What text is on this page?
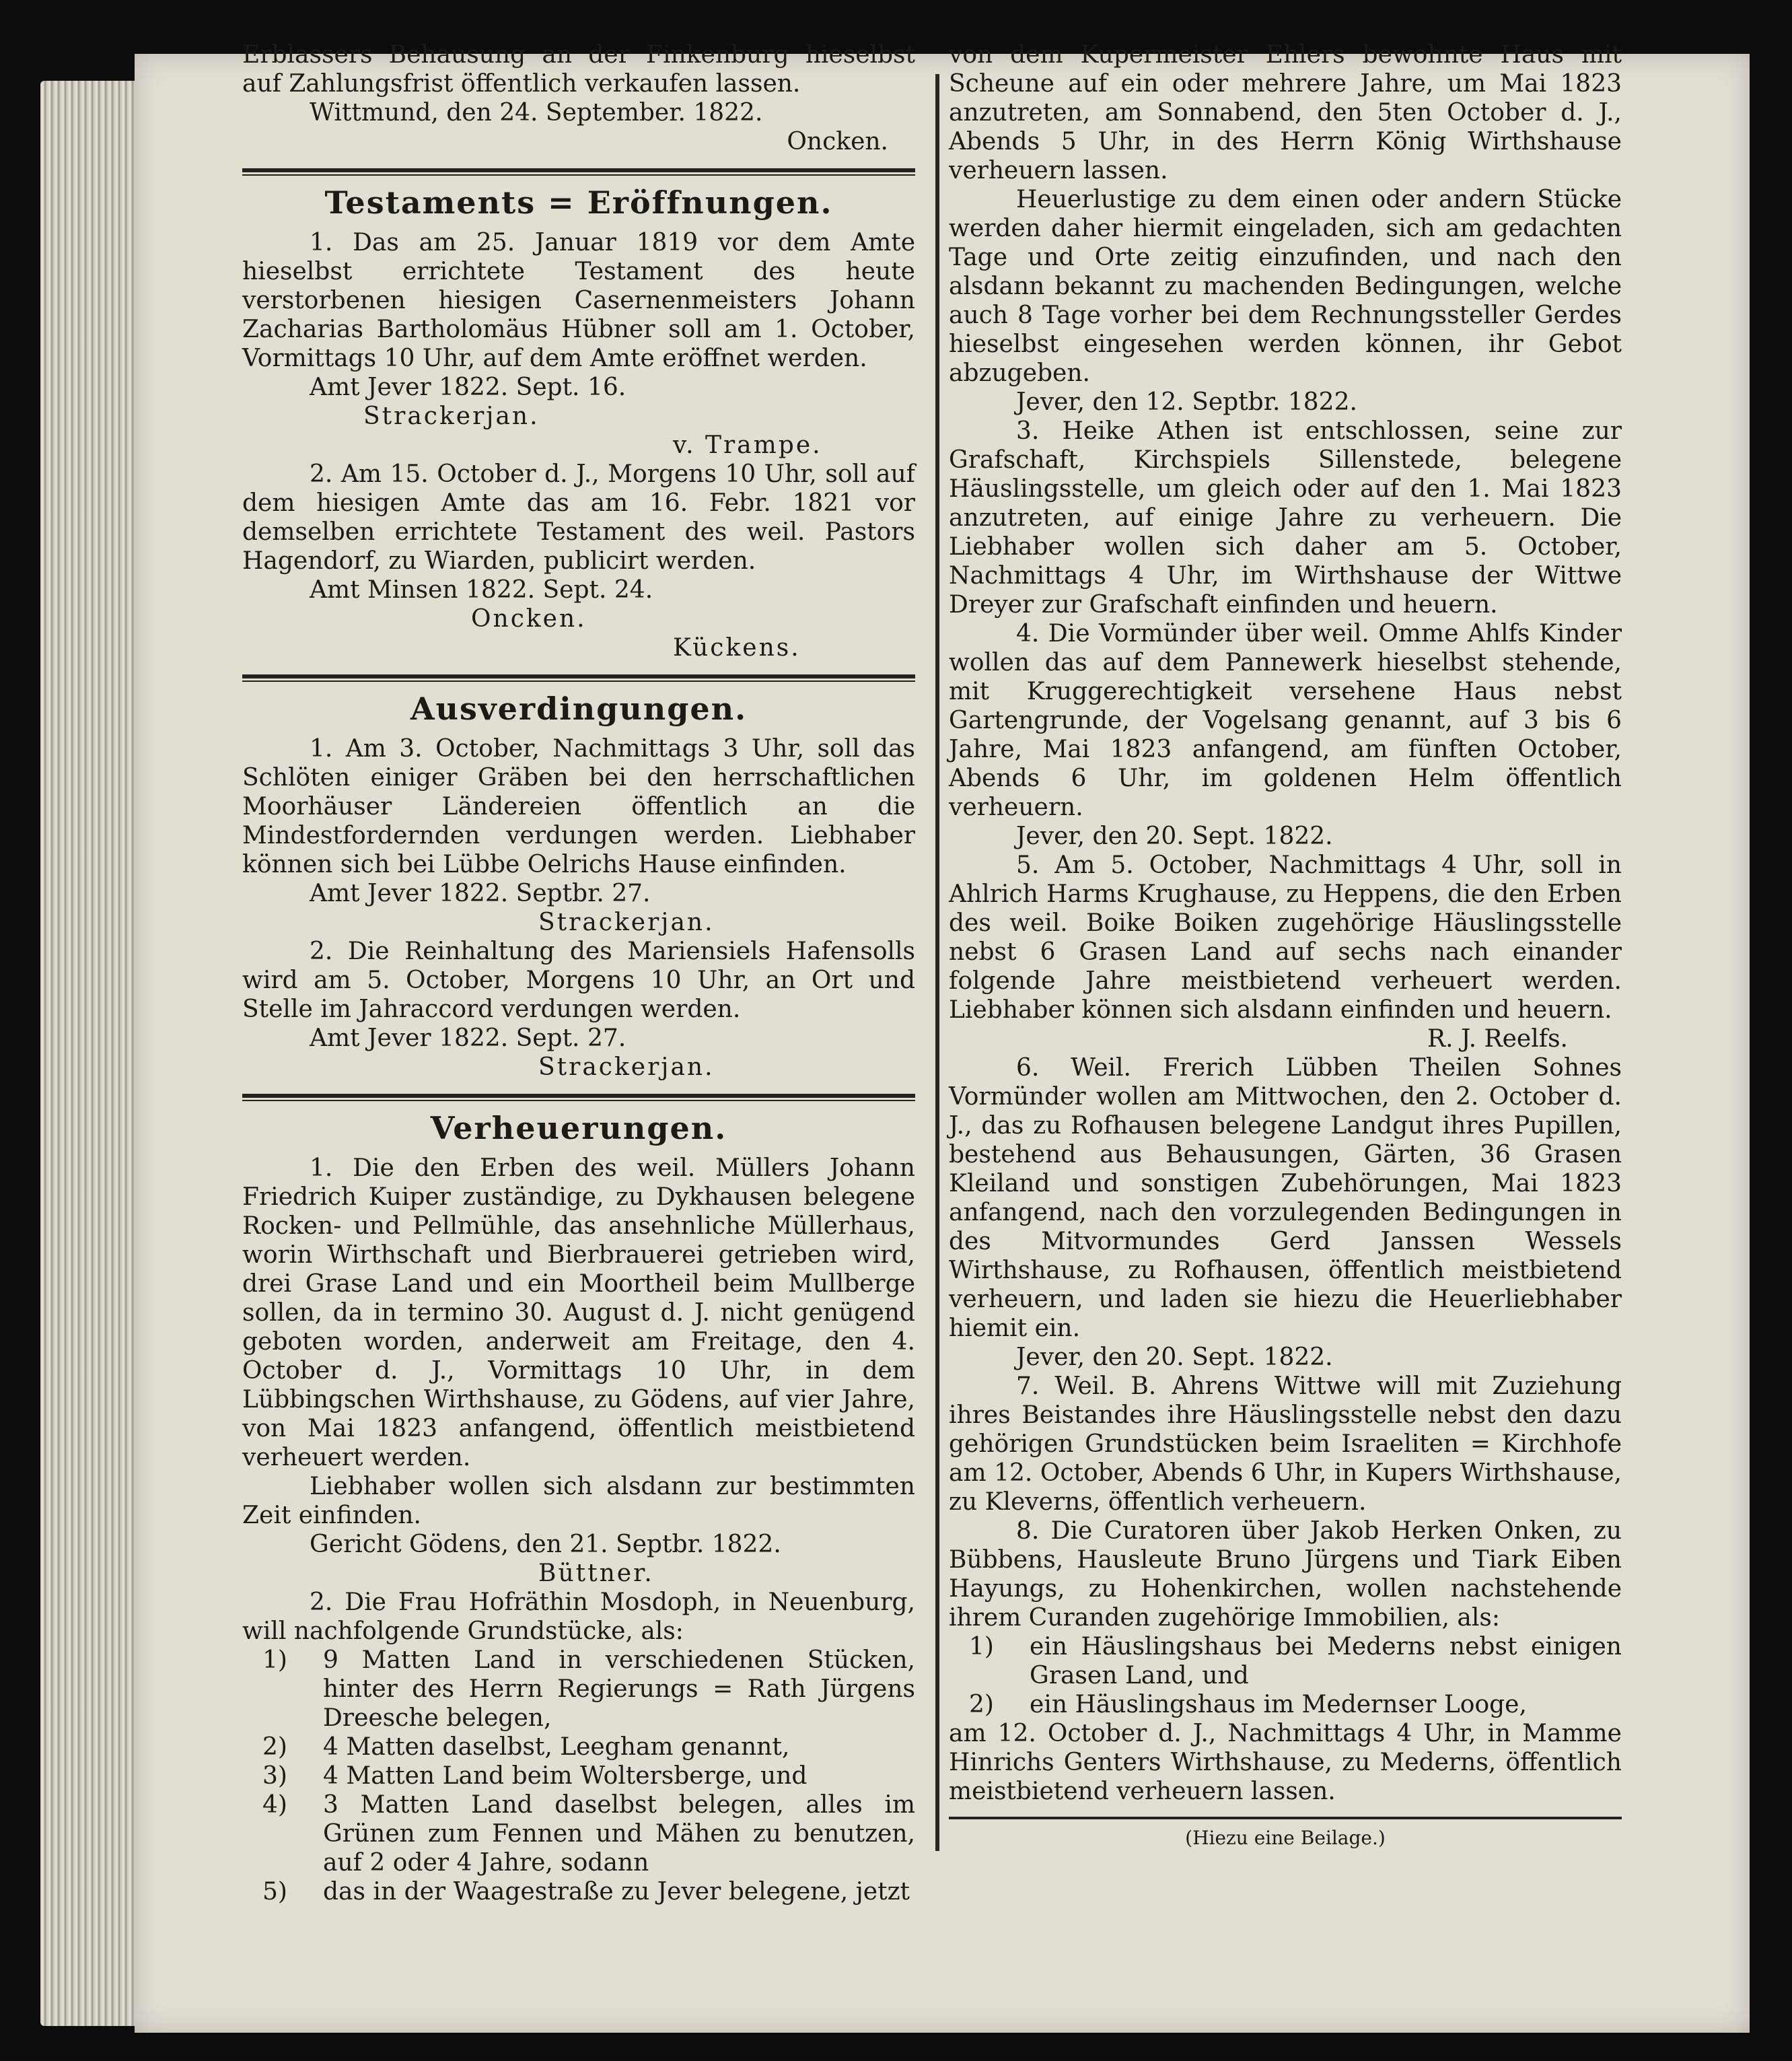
Erblassers Behausung an der Finkenburg hieselbst auf Zahlungsfrist öffentlich verkaufen lassen.

Wittmund, den 24. September. 1822.

Oncken.

Testaments = Eröffnungen.

1. Das am 25. Januar 1819 vor dem Amte hieselbst errichtete Testament des heute verstorbenen hiesigen Casernenmeisters Johann Zacharias Bartholomäus Hübner soll am 1. October, Vormittags 10 Uhr, auf dem Amte eröffnet werden.

Amt Jever 1822. Sept. 16.

Strackerjan.

v. Trampe.

2. Am 15. October d. J., Morgens 10 Uhr, soll auf dem hiesigen Amte das am 16. Febr. 1821 vor demselben errichtete Testament des weil. Pastors Hagendorf, zu Wiarden, publicirt werden.

Amt Minsen 1822. Sept. 24.

Oncken.

Kückens.

Ausverdingungen.

1. Am 3. October, Nachmittags 3 Uhr, soll das Schlöten einiger Gräben bei den herrschaftlichen Moorhäuser Ländereien öffentlich an die Mindestfordernden verdungen werden. Liebhaber können sich bei Lübbe Oelrichs Hause einfinden.

Amt Jever 1822. Septbr. 27.

Strackerjan.

2. Die Reinhaltung des Mariensiels Hafensolls wird am 5. October, Morgens 10 Uhr, an Ort und Stelle im Jahraccord verdungen werden.

Amt Jever 1822. Sept. 27.

Strackerjan.

Verheuerungen.

1. Die den Erben des weil. Müllers Johann Friedrich Kuiper zuständige, zu Dykhausen belegene Rocken- und Pellmühle, das ansehnliche Müllerhaus, worin Wirthschaft und Bierbrauerei getrieben wird, drei Grase Land und ein Moortheil beim Mullberge sollen, da in termino 30. August d. J. nicht genügend geboten worden, anderweit am Freitage, den 4. October d. J., Vormittags 10 Uhr, in dem Lübbingschen Wirthshause, zu Gödens, auf vier Jahre, von Mai 1823 anfangend, öffentlich meistbietend verheuert werden.

Liebhaber wollen sich alsdann zur bestimmten Zeit einfinden.

Gericht Gödens, den 21. Septbr. 1822.

Büttner.

2. Die Frau Hofräthin Mosdoph, in Neuenburg, will nachfolgende Grundstücke, als:

1)	9 Matten Land in verschiedenen Stücken, hinter des Herrn Regierungs = Rath Jürgens Dreesche belegen,
2)	4 Matten daselbst, Leegham genannt,
3)	4 Matten Land beim Woltersberge, und
4)	3 Matten Land daselbst belegen, alles im Grünen zum Fennen und Mähen zu benutzen, auf 2 oder 4 Jahre, sodann
5)	das in der Waagestraße zu Jever belegene, jetzt

von dem Kupermeister Ehlers bewohnte Haus mit Scheune auf ein oder mehrere Jahre, um Mai 1823 anzutreten, am Sonnabend, den 5ten October d. J., Abends 5 Uhr, in des Herrn König Wirthshause verheuern lassen.

Heuerlustige zu dem einen oder andern Stücke werden daher hiermit eingeladen, sich am gedachten Tage und Orte zeitig einzufinden, und nach den alsdann bekannt zu machenden Bedingungen, welche auch 8 Tage vorher bei dem Rechnungssteller Gerdes hieselbst eingesehen werden können, ihr Gebot abzugeben.

Jever, den 12. Septbr. 1822.

3. Heike Athen ist entschlossen, seine zur Grafschaft, Kirchspiels Sillenstede, belegene Häuslingsstelle, um gleich oder auf den 1. Mai 1823 anzutreten, auf einige Jahre zu verheuern. Die Liebhaber wollen sich daher am 5. October, Nachmittags 4 Uhr, im Wirthshause der Wittwe Dreyer zur Grafschaft einfinden und heuern.

4. Die Vormünder über weil. Omme Ahlfs Kinder wollen das auf dem Pannewerk hieselbst stehende, mit Kruggerechtigkeit versehene Haus nebst Gartengrunde, der Vogelsang genannt, auf 3 bis 6 Jahre, Mai 1823 anfangend, am fünften October, Abends 6 Uhr, im goldenen Helm öffentlich verheuern.

Jever, den 20. Sept. 1822.

5. Am 5. October, Nachmittags 4 Uhr, soll in Ahlrich Harms Krughause, zu Heppens, die den Erben des weil. Boike Boiken zugehörige Häuslingsstelle nebst 6 Grasen Land auf sechs nach einander folgende Jahre meistbietend verheuert werden. Liebhaber können sich alsdann einfinden und heuern.

R. J. Reelfs.

6. Weil. Frerich Lübben Theilen Sohnes Vormünder wollen am Mittwochen, den 2. October d. J., das zu Rofhausen belegene Landgut ihres Pupillen, bestehend aus Behausungen, Gärten, 36 Grasen Kleiland und sonstigen Zubehörungen, Mai 1823 anfangend, nach den vorzulegenden Bedingungen in des Mitvormundes Gerd Janssen Wessels Wirthshause, zu Rofhausen, öffentlich meistbietend verheuern, und laden sie hiezu die Heuerliebhaber hiemit ein.

Jever, den 20. Sept. 1822.

7. Weil. B. Ahrens Wittwe will mit Zuziehung ihres Beistandes ihre Häuslingsstelle nebst den dazu gehörigen Grundstücken beim Israeliten = Kirchhofe am 12. October, Abends 6 Uhr, in Kupers Wirthshause, zu Kleverns, öffentlich verheuern.

8. Die Curatoren über Jakob Herken Onken, zu Bübbens, Hausleute Bruno Jürgens und Tiark Eiben Hayungs, zu Hohenkirchen, wollen nachstehende ihrem Curanden zugehörige Immobilien, als:

1)	ein Häuslingshaus bei Mederns nebst einigen Grasen Land, und
2)	ein Häuslingshaus im Medernser Looge,

am 12. October d. J., Nachmittags 4 Uhr, in Mamme Hinrichs Genters Wirthshause, zu Mederns, öffentlich meistbietend verheuern lassen.

(Hiezu eine Beilage.)
